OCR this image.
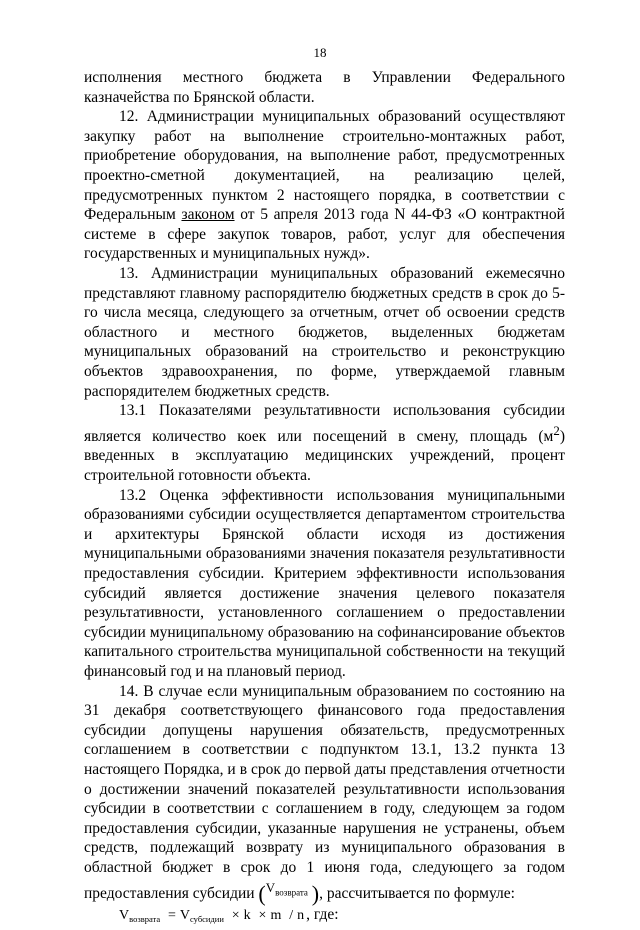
18

исполнения местного бюджета в Управлении Федерального казначейства по Брянской области.

12. Администрации муниципальных образований осуществляют закупку работ на выполнение строительно-монтажных работ, приобретение оборудования, на выполнение работ, предусмотренных проектно-сметной документацией, на реализацию целей, предусмотренных пунктом 2 настоящего порядка, в соответствии с Федеральным законом от 5 апреля 2013 года N 44-ФЗ «О контрактной системе в сфере закупок товаров, работ, услуг для обеспечения государственных и муниципальных нужд».

13. Администрации муниципальных образований ежемесячно представляют главному распорядителю бюджетных средств в срок до 5-го числа месяца, следующего за отчетным, отчет об освоении средств областного и местного бюджетов, выделенных бюджетам муниципальных образований на строительство и реконструкцию объектов здравоохранения, по форме, утверждаемой главным распорядителем бюджетных средств.

13.1 Показателями результативности использования субсидии является количество коек или посещений в смену, площадь $(м^2)$ введенных в эксплуатацию медицинских учреждений, процент строительной готовности объекта.

13.2 Оценка эффективности использования муниципальными образованиями субсидии осуществляется департаментом строительства и архитектуры Брянской области исходя из достижения муниципальными образованиями значения показателя результативности предоставления субсидии. Критерием эффективности использования субсидий является достижение значения целевого показателя результативности, установленного соглашением о предоставлении субсидии муниципальному образованию на софинансирование объектов капитального строительства муниципальной собственности на текущий финансовый год и на плановый период.

14. В случае если муниципальным образованием по состоянию на 31 декабря соответствующего финансового года предоставления субсидии допущены нарушения обязательств, предусмотренных соглашением в соответствии с подпунктом 13.1, 13.2 пункта 13 настоящего Порядка, и в срок до первой даты представления отчетности о достижении значений показателей результативности использования субсидии в соответствии с соглашением в году, следующем за годом предоставления субсидии, указанные нарушения не устранены, объем средств, подлежащий возврату из муниципального образования в областной бюджет в срок до 1 июня года, следующего за годом предоставления субсидии ($^{V_{возврата}}$ ), рассчитывается по формуле:

$V_{возврата} = V_{субсидии} \times k \times m / n$ , где:
